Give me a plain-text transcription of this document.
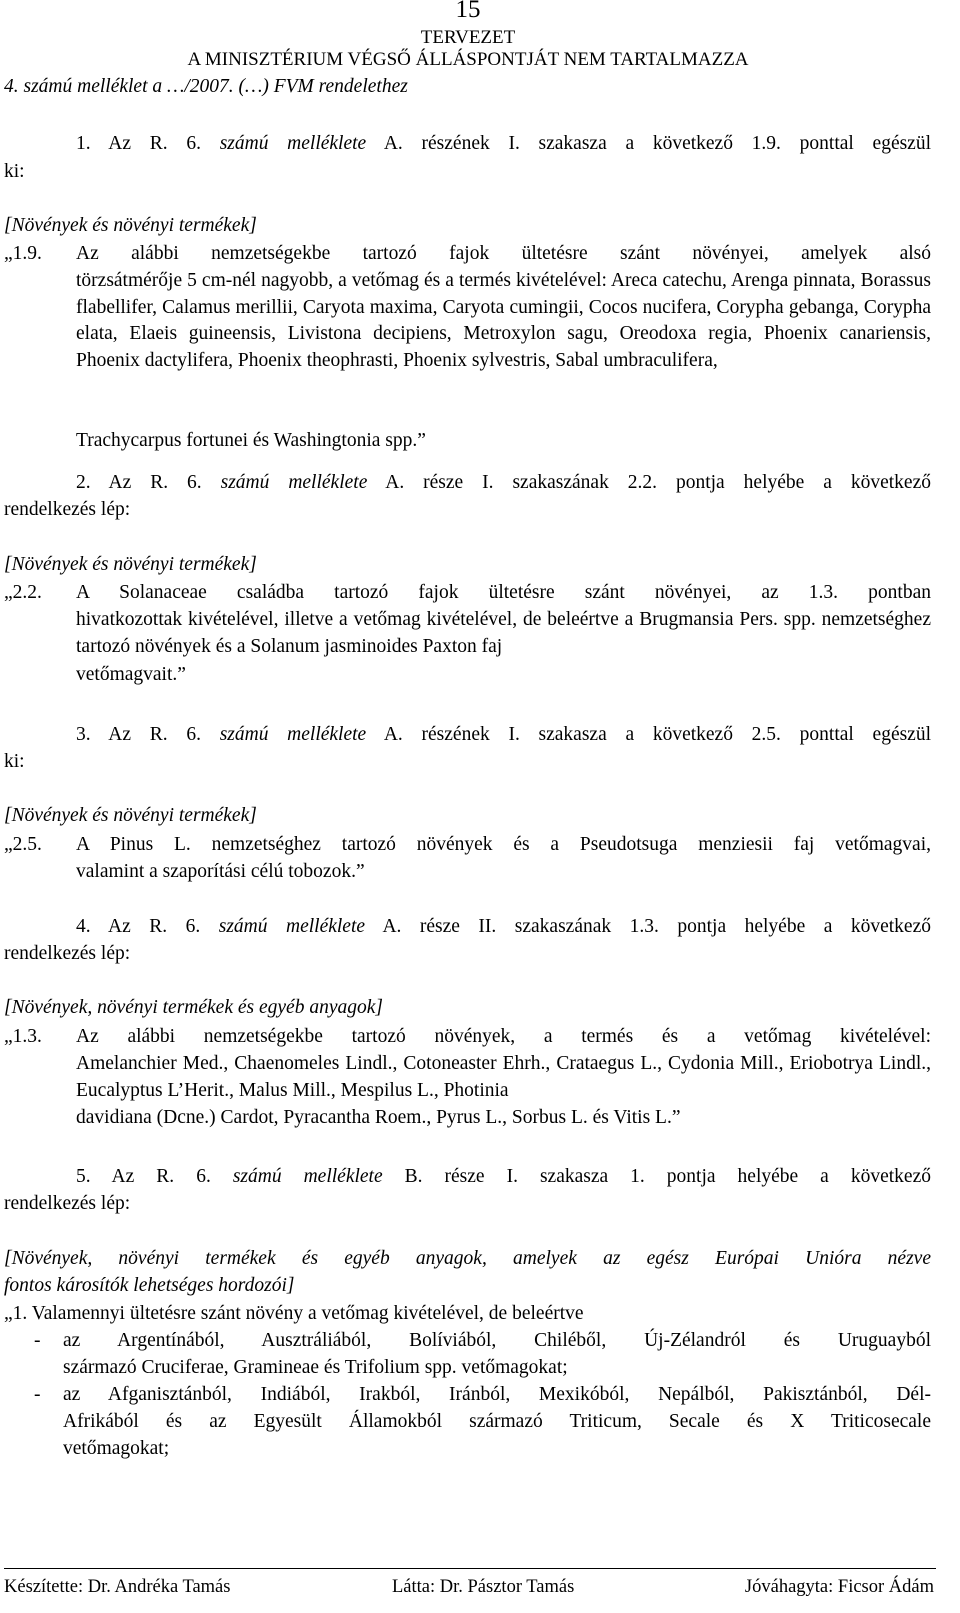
15
TERVEZET
A MINISZTÉRIUM VÉGSŐ ÁLLÁSPONTJÁT NEM TARTALMAZZA
4. számú melléklet a …/2007. (…) FVM rendelethez
1. Az R. 6. számú melléklete A. részének I. szakasza a következő 1.9. ponttal egészül
ki:
[Növények és növényi termékek]
„1.9. Az alábbi nemzetségekbe tartozó fajok ültetésre szánt növényei, amelyek alsó
törzsátmérője 5 cm-nél nagyobb, a vetőmag és a termés kivételével: Areca catechu, Arenga pinnata, Borassus flabellifer, Calamus merillii, Caryota maxima, Caryota cumingii, Cocos nucifera, Corypha gebanga, Corypha elata, Elaeis guineensis, Livistona decipiens, Metroxylon sagu, Oreodoxa regia, Phoenix canariensis, Phoenix dactylifera, Phoenix theophrasti, Phoenix sylvestris, Sabal umbraculifera,
Trachycarpus fortunei és Washingtonia spp.”
2. Az R. 6. számú melléklete A. része I. szakaszának 2.2. pontja helyébe a következő
rendelkezés lép:
[Növények és növényi termékek]
„2.2. A Solanaceae családba tartozó fajok ültetésre szánt növényei, az 1.3. pontban
hivatkozottak kivételével, illetve a vetőmag kivételével, de beleértve a Brugmansia Pers. spp. nemzetséghez tartozó növények és a Solanum jasminoides Paxton faj
vetőmagvait.”
3. Az R. 6. számú melléklete A. részének I. szakasza a következő 2.5. ponttal egészül
ki:
[Növények és növényi termékek]
„2.5. A Pinus L. nemzetséghez tartozó növények és a Pseudotsuga menziesii faj vetőmagvai,
valamint a szaporítási célú tobozok.”
4. Az R. 6. számú melléklete A. része II. szakaszának 1.3. pontja helyébe a következő
rendelkezés lép:
[Növények, növényi termékek és egyéb anyagok]
„1.3. Az alábbi nemzetségekbe tartozó növények, a termés és a vetőmag kivételével:
Amelanchier Med., Chaenomeles Lindl., Cotoneaster Ehrh., Crataegus L., Cydonia Mill., Eriobotrya Lindl., Eucalyptus L’Herit., Malus Mill., Mespilus L., Photinia
davidiana (Dcne.) Cardot, Pyracantha Roem., Pyrus L., Sorbus L. és Vitis L.”
5. Az R. 6. számú melléklete B. része I. szakasza 1. pontja helyébe a következő
rendelkezés lép:
[Növények, növényi termékek és egyéb anyagok, amelyek az egész Európai Unióra nézve
fontos károsítók lehetséges hordozói]
„1. Valamennyi ültetésre szánt növény a vetőmag kivételével, de beleértve
- az Argentínából, Ausztráliából, Bolíviából, Chiléből, Új-Zélandról és Uruguayból
származó Cruciferae, Gramineae és Trifolium spp. vetőmagokat;
- az Afganisztánból, Indiából, Irakból, Iránból, Mexikóból, Nepálból, Pakisztánból, Dél-
Afrikából és az Egyesült Államokból származó Triticum, Secale és X Triticosecale
vetőmagokat;
Készítette: Dr. Andréka Tamás	Látta: Dr. Pásztor Tamás	Jóváhagyta: Ficsor Ádám
